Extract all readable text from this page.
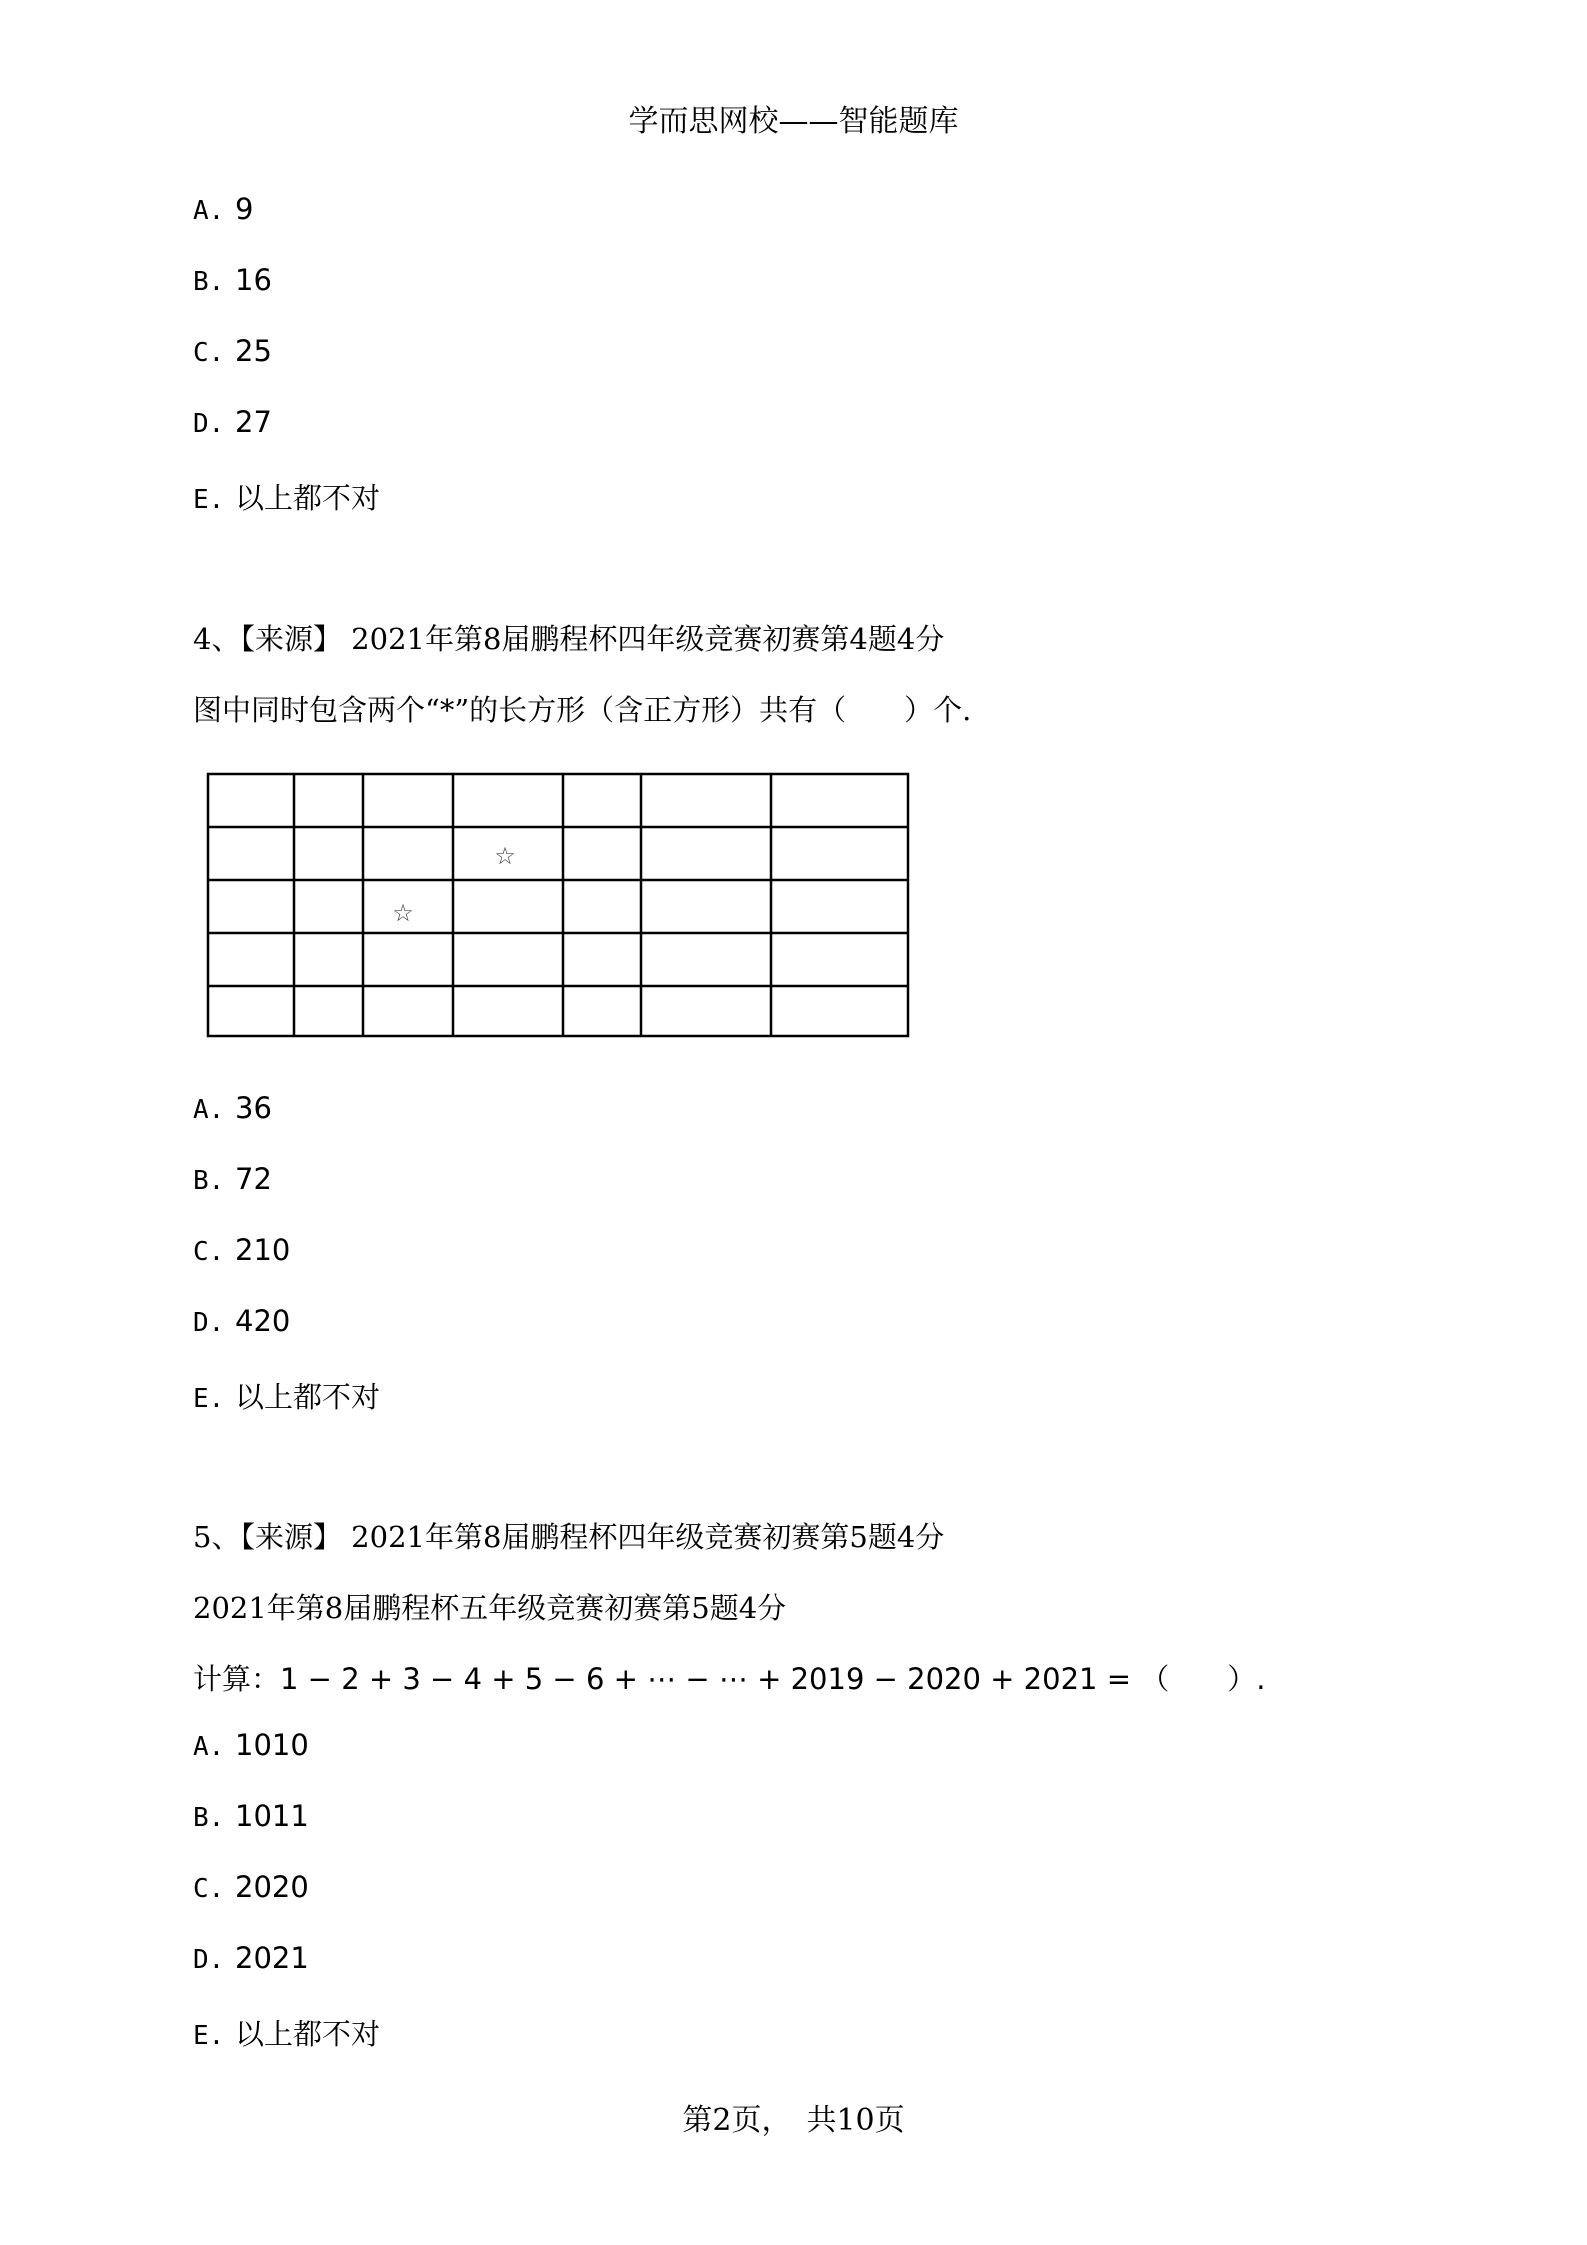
学而思网校——智能题库
A. 9
B. 16
C. 25
D. 27
E. 以上都不对
4、【来源】 2021年第8届鹏程杯四年级竞赛初赛第4题4分
图中同时包含两个“*”的长方形（含正方形）共有（　　）个.
☆
☆
A. 36
B. 72
C. 210
D. 420
E. 以上都不对
5、【来源】 2021年第8届鹏程杯四年级竞赛初赛第5题4分
2021年第8届鹏程杯五年级竞赛初赛第5题4分
计算：1 − 2 + 3 − 4 + 5 − 6 + ⋯ − ⋯ + 2019 − 2020 + 2021 = （　　）.
A. 1010
B. 1011
C. 2020
D. 2021
E. 以上都不对
第2页，　共10页
